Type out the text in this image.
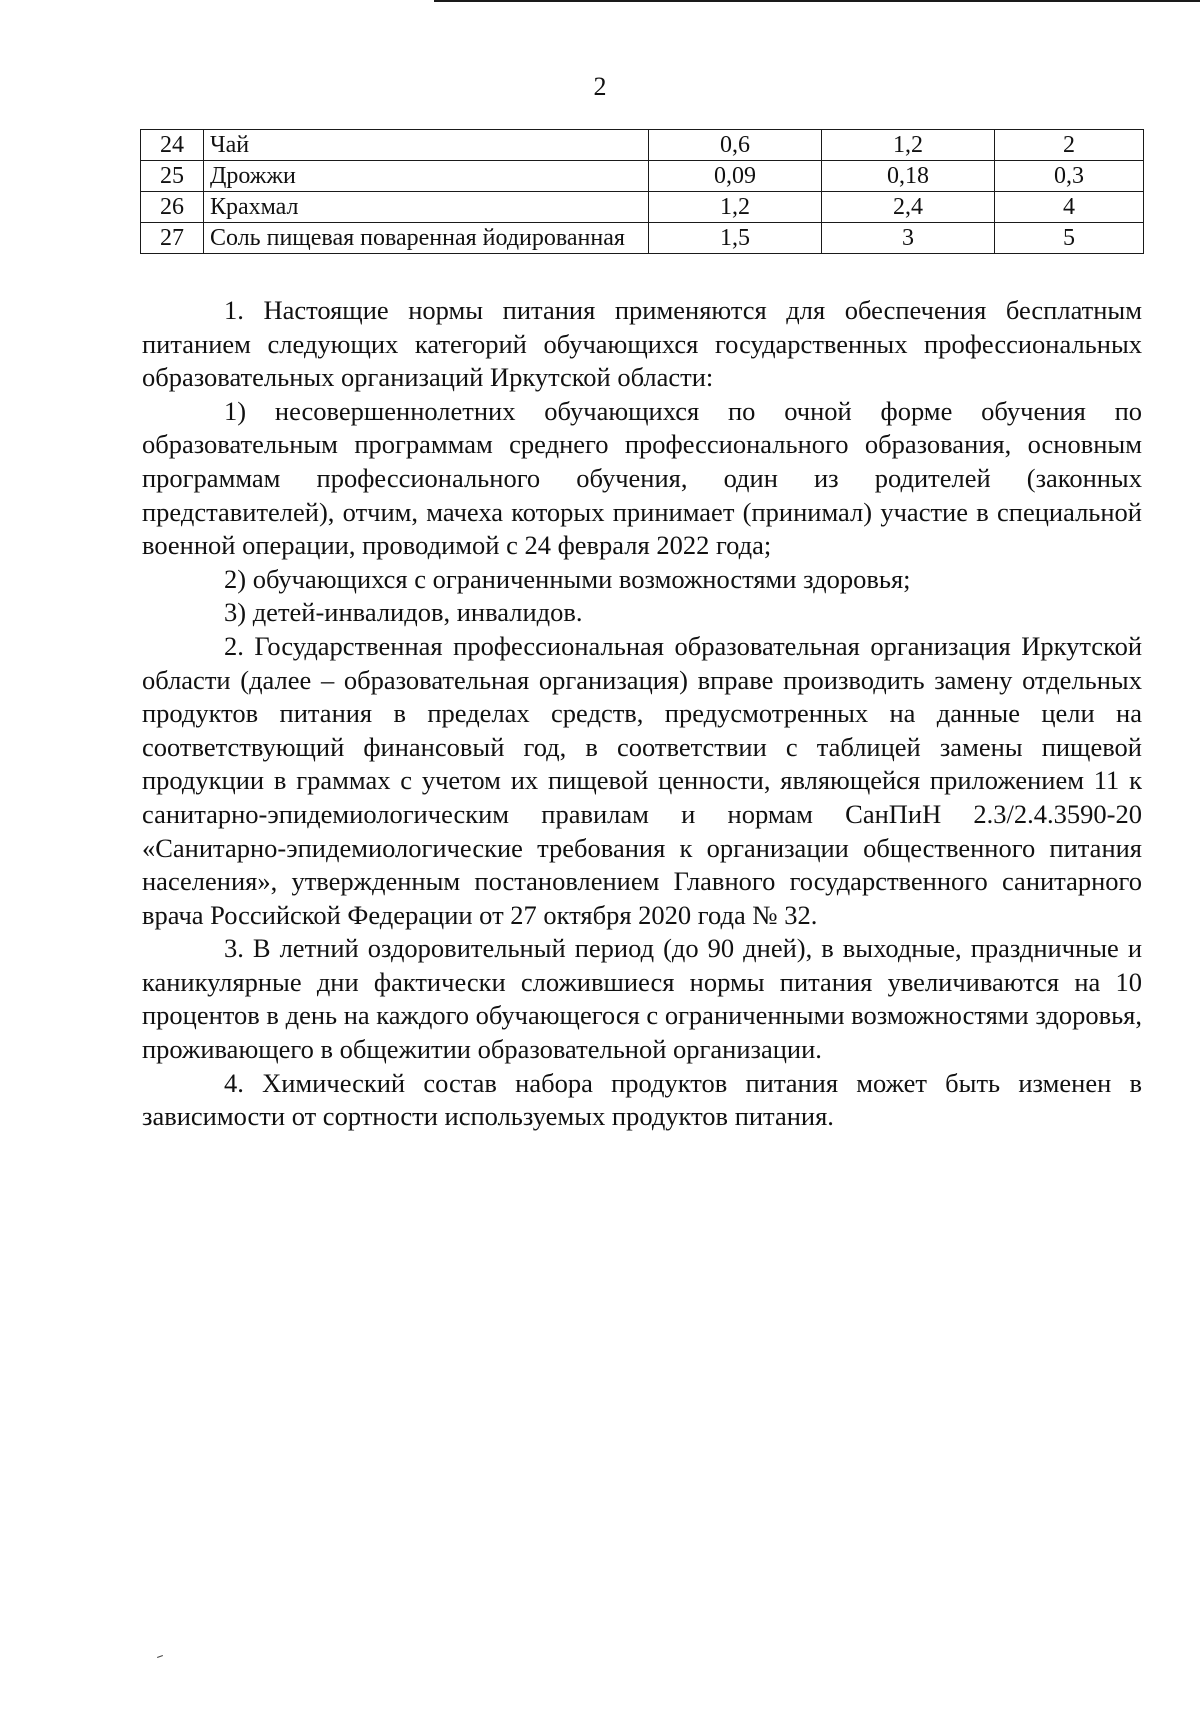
2
24	Чай	0,6	1,2	2
25	Дрожжи	0,09	0,18	0,3
26	Крахмал	1,2	2,4	4
27	Соль пищевая поваренная йодированная	1,5	3	5

1. Настоящие нормы питания применяются для обеспечения бесплатным питанием следующих категорий обучающихся государственных профессиональных образовательных организаций Иркутской области:

1) несовершеннолетних обучающихся по очной форме обучения по образовательным программам среднего профессионального образования, основным программам профессионального обучения, один из родителей (законных представителей), отчим, мачеха которых принимает (принимал) участие в специальной военной операции, проводимой с 24 февраля 2022 года;

2) обучающихся с ограниченными возможностями здоровья;

3) детей-инвалидов, инвалидов.

2. Государственная профессиональная образовательная организация Иркутской области (далее – образовательная организация) вправе производить замену отдельных продуктов питания в пределах средств, предусмотренных на данные цели на соответствующий финансовый год, в соответствии с таблицей замены пищевой продукции в граммах с учетом их пищевой ценности, являющейся приложением 11 к санитарно-эпидемиологическим правилам и нормам СанПиН 2.3/2.4.3590-20 «Санитарно-эпидемиологические требования к организации общественного питания населения», утвержденным постановлением Главного государственного санитарного врача Российской Федерации от 27 октября 2020 года № 32.

3. В летний оздоровительный период (до 90 дней), в выходные, праздничные и каникулярные дни фактически сложившиеся нормы питания увеличиваются на 10 процентов в день на каждого обучающегося с ограниченными возможностями здоровья, проживающего в общежитии образовательной организации.

4. Химический состав набора продуктов питания может быть изменен в зависимости от сортности используемых продуктов питания.
